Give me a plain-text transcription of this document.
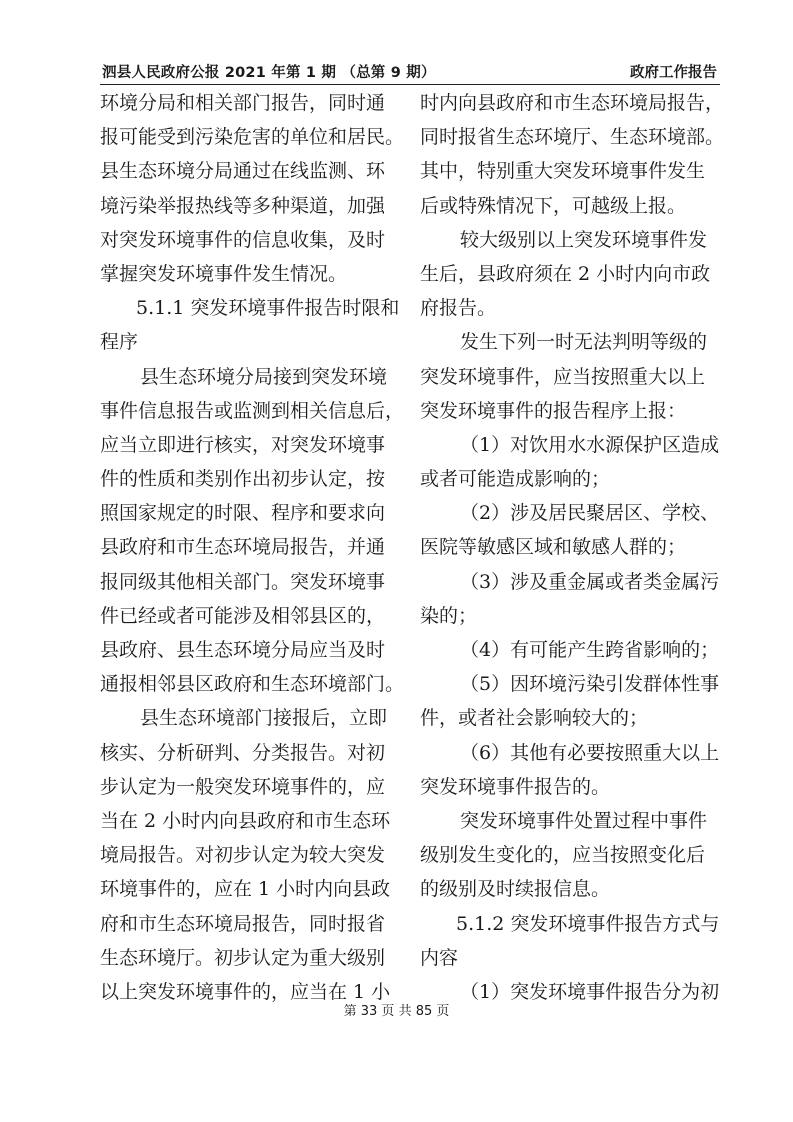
泗县人民政府公报 2021 年第 1 期 （总第 9 期）	政府工作报告
环境分局和相关部门报告，同时通
报可能受到污染危害的单位和居民。
县生态环境分局通过在线监测、环
境污染举报热线等多种渠道，加强
对突发环境事件的信息收集，及时
掌握突发环境事件发生情况。
5.1.1 突发环境事件报告时限和
程序
县生态环境分局接到突发环境
事件信息报告或监测到相关信息后，
应当立即进行核实，对突发环境事
件的性质和类别作出初步认定，按
照国家规定的时限、程序和要求向
县政府和市生态环境局报告，并通
报同级其他相关部门。突发环境事
件已经或者可能涉及相邻县区的，
县政府、县生态环境分局应当及时
通报相邻县区政府和生态环境部门。
县生态环境部门接报后，立即
核实、分析研判、分类报告。对初
步认定为一般突发环境事件的，应
当在 2 小时内向县政府和市生态环
境局报告。对初步认定为较大突发
环境事件的，应在 1 小时内向县政
府和市生态环境局报告，同时报省
生态环境厅。初步认定为重大级别
以上突发环境事件的，应当在 1 小
时内向县政府和市生态环境局报告，
同时报省生态环境厅、生态环境部。
其中，特别重大突发环境事件发生
后或特殊情况下，可越级上报。
较大级别以上突发环境事件发
生后，县政府须在 2 小时内向市政
府报告。
发生下列一时无法判明等级的
突发环境事件，应当按照重大以上
突发环境事件的报告程序上报：
（1）对饮用水水源保护区造成
或者可能造成影响的；
（2）涉及居民聚居区、学校、
医院等敏感区域和敏感人群的；
（3）涉及重金属或者类金属污
染的；
（4）有可能产生跨省影响的；
（5）因环境污染引发群体性事
件，或者社会影响较大的；
（6）其他有必要按照重大以上
突发环境事件报告的。
突发环境事件处置过程中事件
级别发生变化的，应当按照变化后
的级别及时续报信息。
5.1.2 突发环境事件报告方式与
内容
（1）突发环境事件报告分为初
第 33 页 共 85 页
